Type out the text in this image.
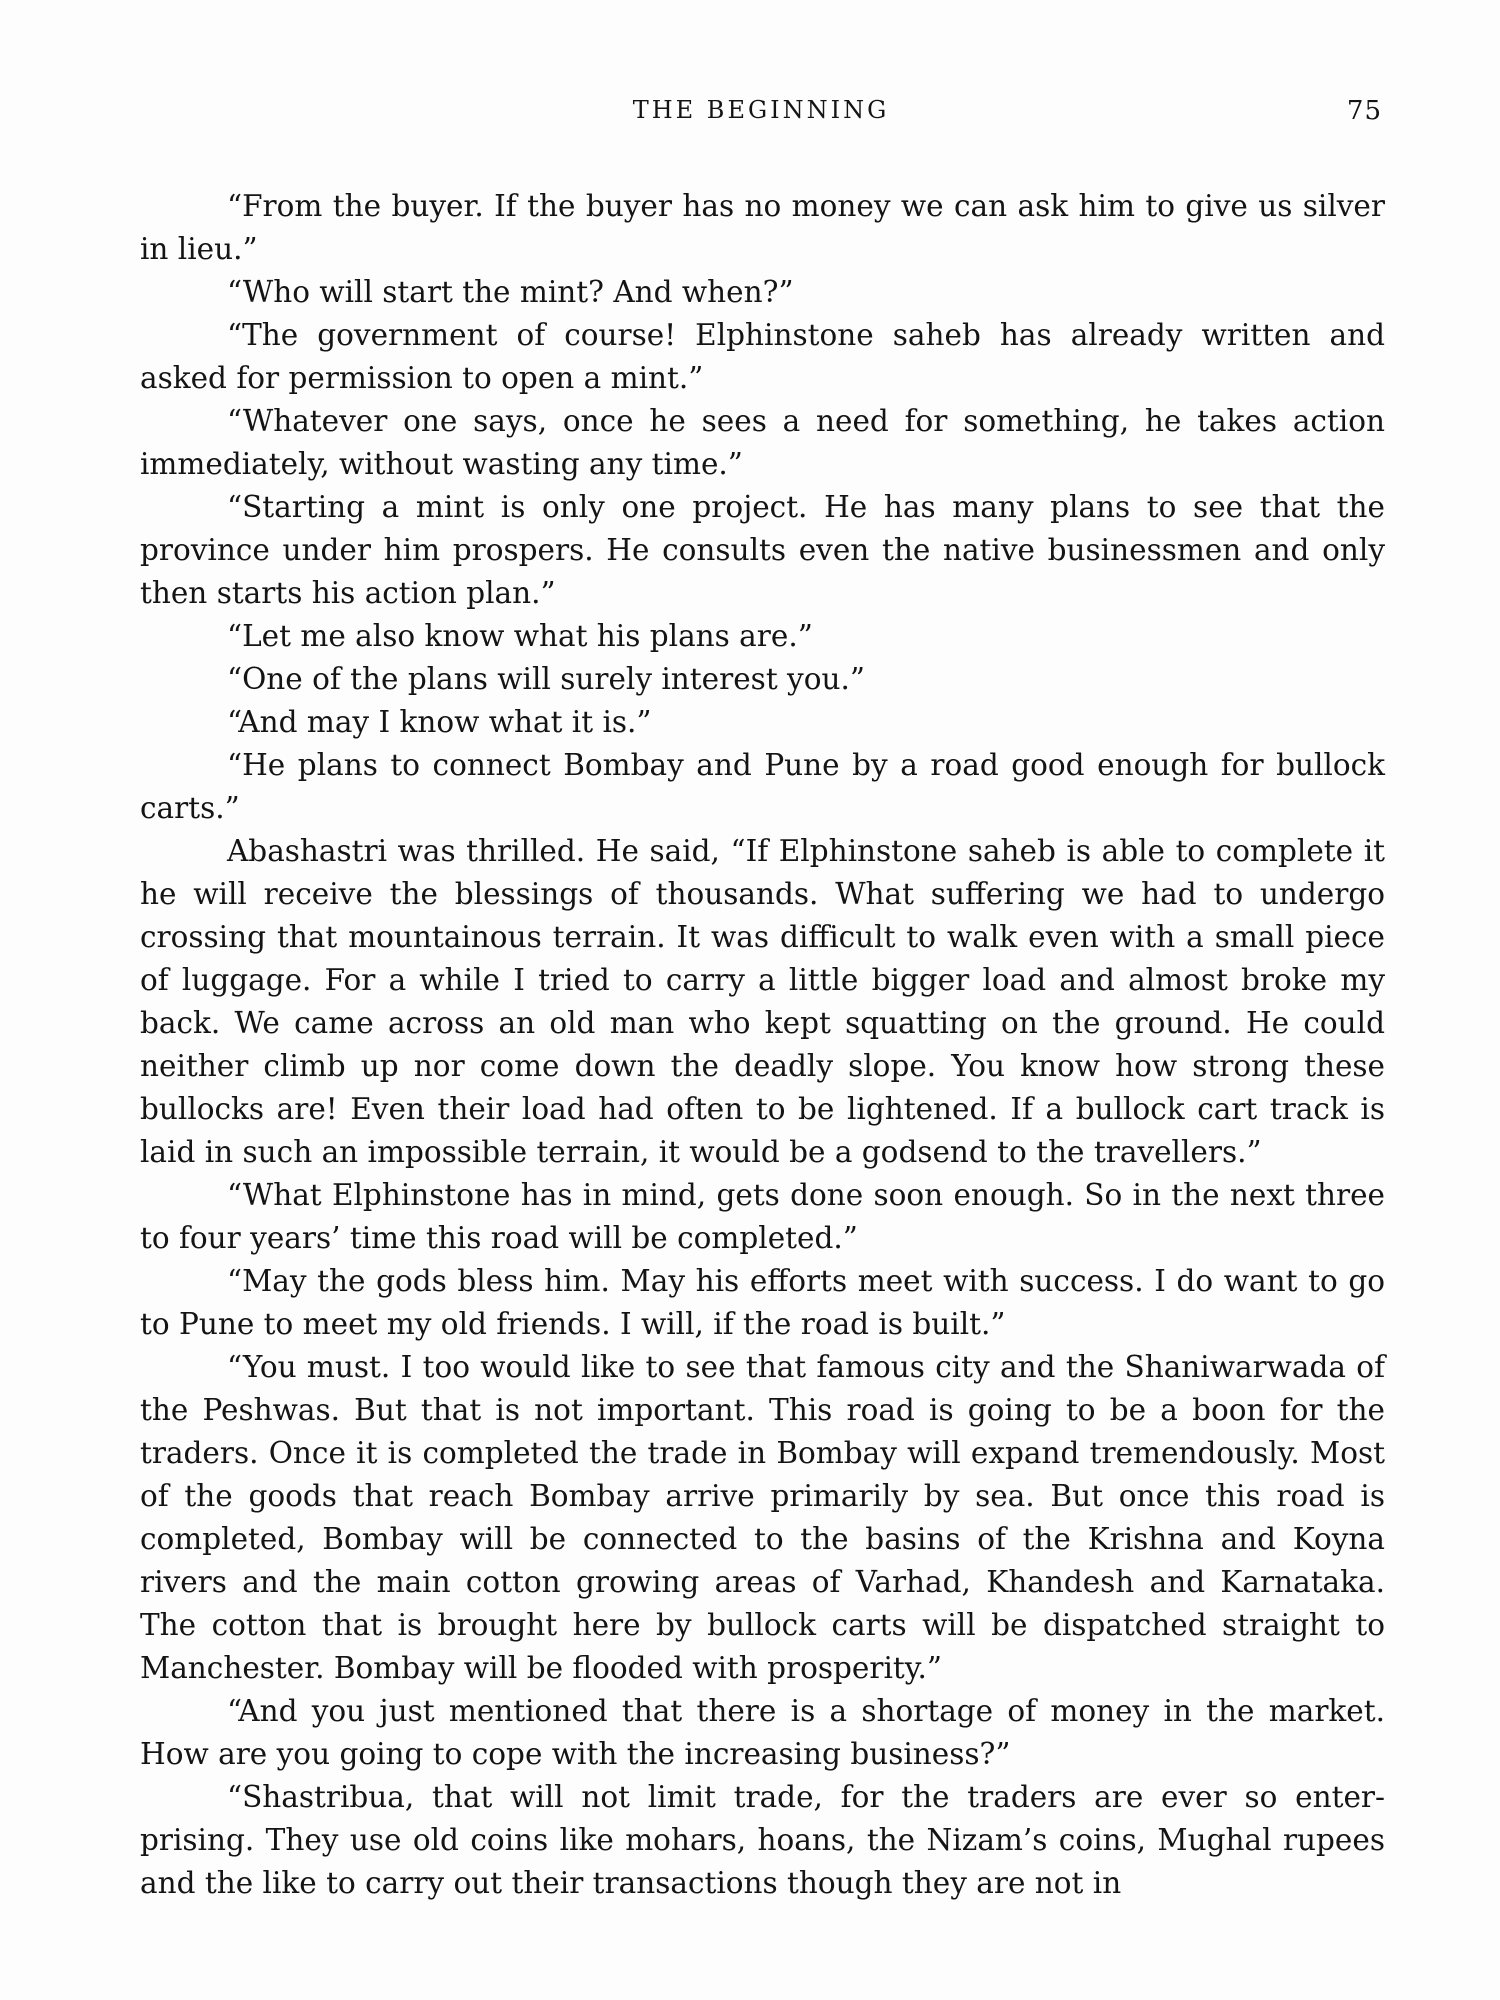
THE BEGINNING	75

“From the buyer. If the buyer has no money we can ask him to give us silver in lieu.”

“Who will start the mint? And when?”

“The government of course! Elphinstone saheb has already written and asked for permission to open a mint.”

“Whatever one says, once he sees a need for something, he takes action immediately, without wasting any time.”

“Starting a mint is only one project. He has many plans to see that the province under him prospers. He consults even the native businessmen and only then starts his action plan.”

“Let me also know what his plans are.”

“One of the plans will surely interest you.”

“And may I know what it is.”

“He plans to connect Bombay and Pune by a road good enough for bullock carts.”

Abashastri was thrilled. He said, “If Elphinstone saheb is able to complete it he will receive the blessings of thousands. What suffering we had to undergo crossing that mountainous terrain. It was difficult to walk even with a small piece of luggage. For a while I tried to carry a little bigger load and almost broke my back. We came across an old man who kept squatting on the ground. He could neither climb up nor come down the deadly slope. You know how strong these bullocks are! Even their load had often to be lightened. If a bullock cart track is laid in such an impossible terrain, it would be a godsend to the travellers.”

“What Elphinstone has in mind, gets done soon enough. So in the next three to four years’ time this road will be completed.”

“May the gods bless him. May his efforts meet with success. I do want to go to Pune to meet my old friends. I will, if the road is built.”

“You must. I too would like to see that famous city and the Shaniwarwada of the Peshwas. But that is not important. This road is going to be a boon for the traders. Once it is completed the trade in Bombay will expand tremendously. Most of the goods that reach Bombay arrive primarily by sea. But once this road is completed, Bombay will be connected to the basins of the Krishna and Koyna rivers and the main cotton growing areas of Varhad, Khandesh and Karnataka. The cotton that is brought here by bullock carts will be dispatched straight to Manchester. Bombay will be flooded with prosperity.”

“And you just mentioned that there is a shortage of money in the market. How are you going to cope with the increasing business?”

“Shastribua, that will not limit trade, for the traders are ever so enterprising. They use old coins like mohars, hoans, the Nizam’s coins, Mughal rupees and the like to carry out their transactions though they are not in
